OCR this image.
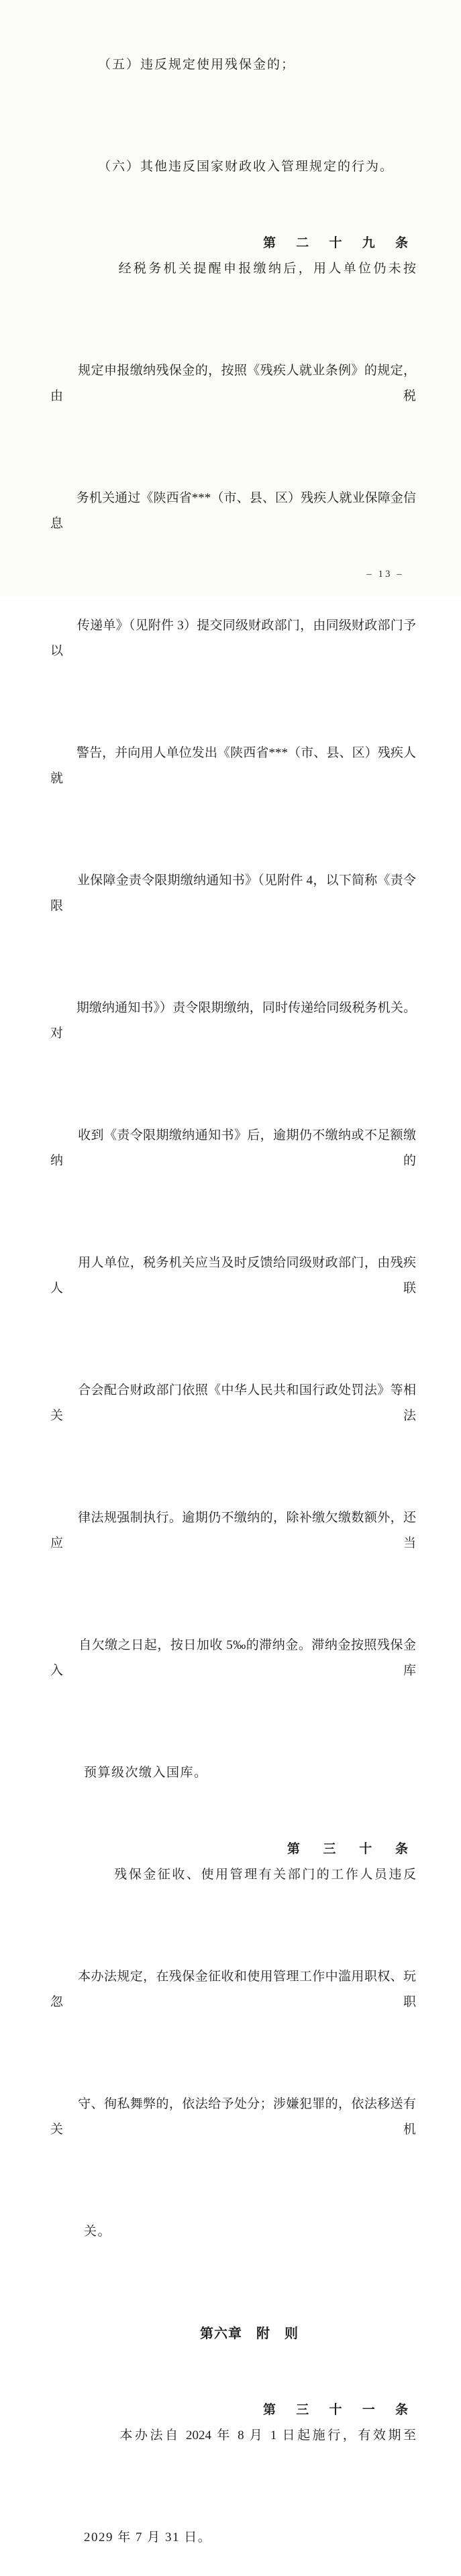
（五）违反规定使用残保金的；

（六）其他违反国家财政收入管理规定的行为。

第二十九条
经税务机关提醒申报缴纳后，用人单位仍未按

规定申报缴纳残保金的，按照《残疾人就业条例》的规定，由税

务机关通过《陕西省***（市、县、区）残疾人就业保障金信息

传递单》（见附件 3）提交同级财政部门，由同级财政部门予以

警告，并向用人单位发出《陕西省***（市、县、区）残疾人就

业保障金责令限期缴纳通知书》（见附件 4，以下简称《责令限

期缴纳通知书》）责令限期缴纳，同时传递给同级税务机关。对

收到《责令限期缴纳通知书》后，逾期仍不缴纳或不足额缴纳的

用人单位，税务机关应当及时反馈给同级财政部门，由残疾人联

合会配合财政部门依照《中华人民共和国行政处罚法》等相关法

律法规强制执行。逾期仍不缴纳的，除补缴欠缴数额外，还应当

自欠缴之日起，按日加收 5‰的滞纳金。滞纳金按照残保金入库

预算级次缴入国库。

第三十条
残保金征收、使用管理有关部门的工作人员违反

本办法规定，在残保金征收和使用管理工作中滥用职权、玩忽职

守、徇私舞弊的，依法给予处分；涉嫌犯罪的，依法移送有关机

关。

第六章　附　则

第三十一条
本办法自 2024 年 8 月 1 日起施行，有效期至

2029 年 7 月 31 日。

– 13 –
